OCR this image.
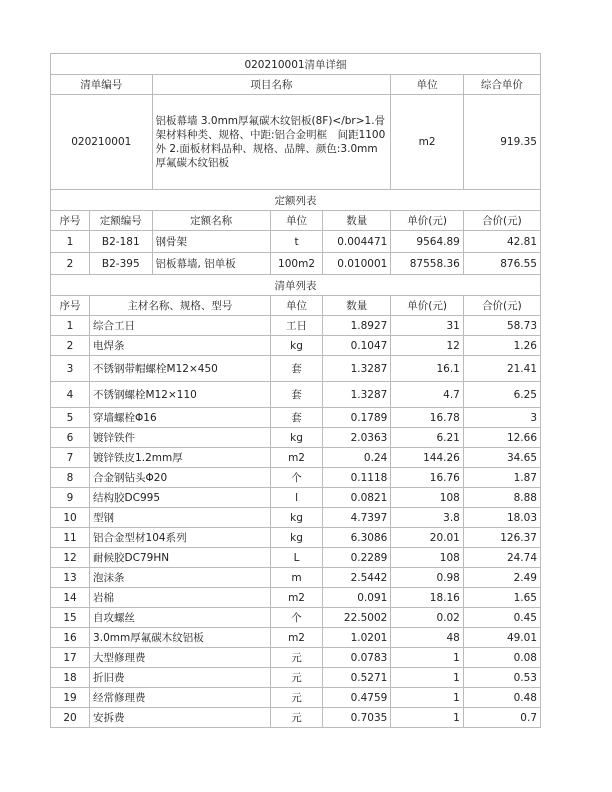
020210001清单详细						
清单编号		项目名称			单位	综合单价
020210001		铝板幕墙 3.0mm厚氟碳木纹铝板(8F)</br>1.骨架材料种类、规格、中距:铝合金明框　间距1100外 2.面板材料品种、规格、品牌、颜色:3.0mm厚氟碳木纹铝板			m2	919.35
定额列表						
序号	定额编号	定额名称	单位	数量	单价(元)	合价(元)
1	B2-181	钢骨架	t	0.004471	9564.89	42.81
2	B2-395	铝板幕墙, 铝单板	100m2	0.010001	87558.36	876.55
清单列表						
序号	主材名称、规格、型号		单位	数量	单价(元)	合价(元)
1	综合工日		工日	1.8927	31	58.73
2	电焊条		kg	0.1047	12	1.26
3	不锈钢带帽螺栓M12×450		套	1.3287	16.1	21.41
4	不锈钢螺栓M12×110		套	1.3287	4.7	6.25
5	穿墙螺栓Φ16		套	0.1789	16.78	3
6	镀锌铁件		kg	2.0363	6.21	12.66
7	镀锌铁皮1.2mm厚		m2	0.24	144.26	34.65
8	合金钢钻头Φ20		个	0.1118	16.76	1.87
9	结构胶DC995		l	0.0821	108	8.88
10	型钢		kg	4.7397	3.8	18.03
11	铝合金型材104系列		kg	6.3086	20.01	126.37
12	耐候胶DC79HN		L	0.2289	108	24.74
13	泡沫条		m	2.5442	0.98	2.49
14	岩棉		m2	0.091	18.16	1.65
15	自攻螺丝		个	22.5002	0.02	0.45
16	3.0mm厚氟碳木纹铝板		m2	1.0201	48	49.01
17	大型修理费		元	0.0783	1	0.08
18	折旧费		元	0.5271	1	0.53
19	经常修理费		元	0.4759	1	0.48
20	安拆费		元	0.7035	1	0.7
